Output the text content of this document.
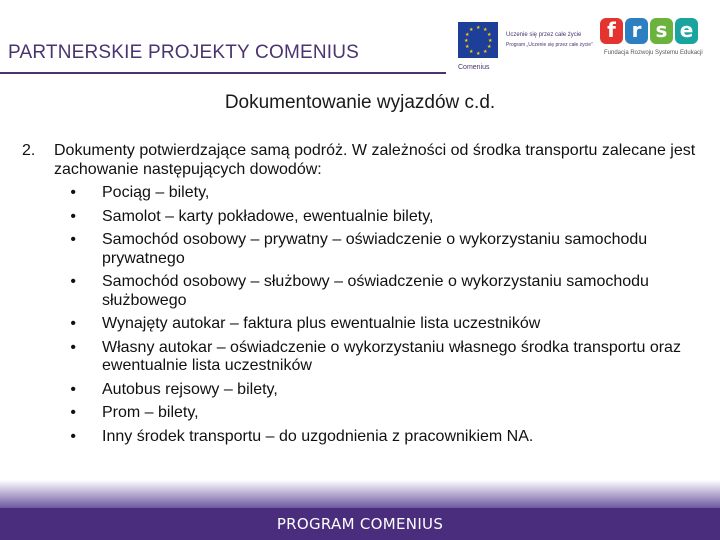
PARTNERSKIE PROJEKTY COMENIUS
★ ★
★
★
★
★
★
★
★
★
★
★
Uczenie się przez całe życie
Program „Uczenie się przez całe życie”
Comenius
f r s e
Fundacja Rozwoju Systemu Edukacji
Dokumentowanie wyjazdów c.d.
2.	Dokumenty potwierdzające samą podróż. W zależności od środka transportu zalecane jest zachowanie następujących dowodów:
•	Pociąg – bilety,
•	Samolot – karty pokładowe, ewentualnie bilety,
•	Samochód osobowy – prywatny – oświadczenie o wykorzystaniu samochodu prywatnego
•	Samochód osobowy – służbowy – oświadczenie o wykorzystaniu samochodu służbowego
•	Wynajęty autokar – faktura plus ewentualnie lista uczestników
•	Własny autokar – oświadczenie o wykorzystaniu własnego środka transportu oraz ewentualnie lista uczestników
•	Autobus rejsowy – bilety,
•	Prom – bilety,
•	Inny środek transportu – do uzgodnienia z pracownikiem NA.
PROGRAM COMENIUS
